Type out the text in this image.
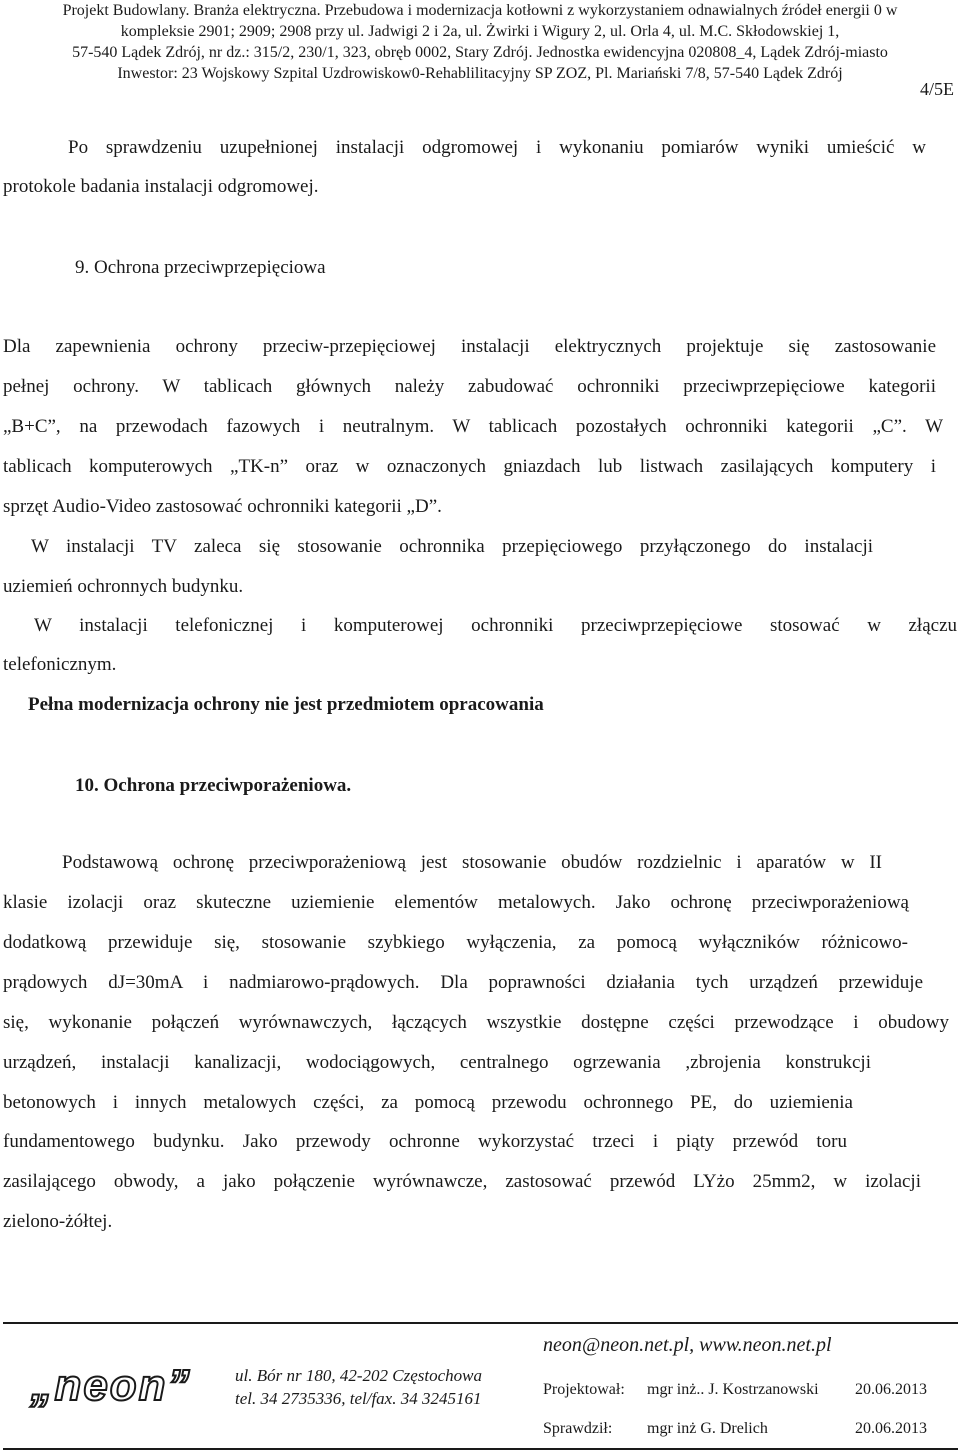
Projekt Budowlany. Branża elektryczna. Przebudowa i modernizacja kotłowni z wykorzystaniem odnawialnych źródeł energii 0 w
kompleksie 2901; 2909; 2908 przy ul. Jadwigi 2 i 2a, ul. Żwirki i Wigury 2, ul. Orla 4, ul. M.C. Skłodowskiej 1,
57-540 Lądek Zdrój, nr dz.: 315/2, 230/1, 323, obręb 0002, Stary Zdrój. Jednostka ewidencyjna 020808_4, Lądek Zdrój-miasto
Inwestor: 23 Wojskowy Szpital Uzdrowiskow0-Rehablilitacyjny SP ZOZ, Pl. Mariański 7/8, 57-540 Lądek Zdrój
4/5E
Po sprawdzeniu uzupełnionej instalacji odgromowej i wykonaniu pomiarów wyniki umieścić w
protokole badania instalacji odgromowej.
9. Ochrona przeciwprzepięciowa
Dla zapewnienia ochrony przeciw-przepięciowej instalacji elektrycznych projektuje się zastosowanie
pełnej ochrony. W tablicach głównych należy zabudować ochronniki przeciwprzepięciowe kategorii
„B+C”, na przewodach fazowych i neutralnym. W tablicach pozostałych ochronniki kategorii „C”. W
tablicach komputerowych „TK-n” oraz w oznaczonych gniazdach lub listwach zasilających komputery i
sprzęt Audio-Video zastosować ochronniki kategorii „D”.
W instalacji TV zaleca się stosowanie ochronnika przepięciowego przyłączonego do instalacji
uziemień ochronnych budynku.
W instalacji telefonicznej i komputerowej ochronniki przeciwprzepięciowe stosować w złączu
telefonicznym.
Pełna modernizacja ochrony nie jest przedmiotem opracowania
10. Ochrona przeciwporażeniowa.
Podstawową ochronę przeciwporażeniową jest stosowanie obudów rozdzielnic i aparatów w II
klasie izolacji oraz skuteczne uziemienie elementów metalowych. Jako ochronę przeciwporażeniową
dodatkową przewiduje się, stosowanie szybkiego wyłączenia, za pomocą wyłączników różnicowo-
prądowych dJ=30mA i nadmiarowo-prądowych. Dla poprawności działania tych urządzeń przewiduje
się, wykonanie połączeń wyrównawczych, łączących wszystkie dostępne części przewodzące i obudowy
urządzeń, instalacji kanalizacji, wodociągowych, centralnego ogrzewania ,zbrojenia konstrukcji
betonowych i innych metalowych części, za pomocą przewodu ochronnego PE, do uziemienia
fundamentowego budynku. Jako przewody ochronne wykorzystać trzeci i piąty przewód toru
zasilającego obwody, a jako połączenie wyrównawcze, zastosować przewód LYżo 25mm2, w izolacji
zielono-żółtej.
„neon”	ul. Bór nr 180, 42-202 Częstochowa
tel. 34 2735336, tel/fax. 34 3245161
neon@neon.net.pl, www.neon.net.pl
Projektował: mgr inż.. J. Kostrzanowski 20.06.2013
Sprawdził: mgr inż G. Drelich	20.06.2013
